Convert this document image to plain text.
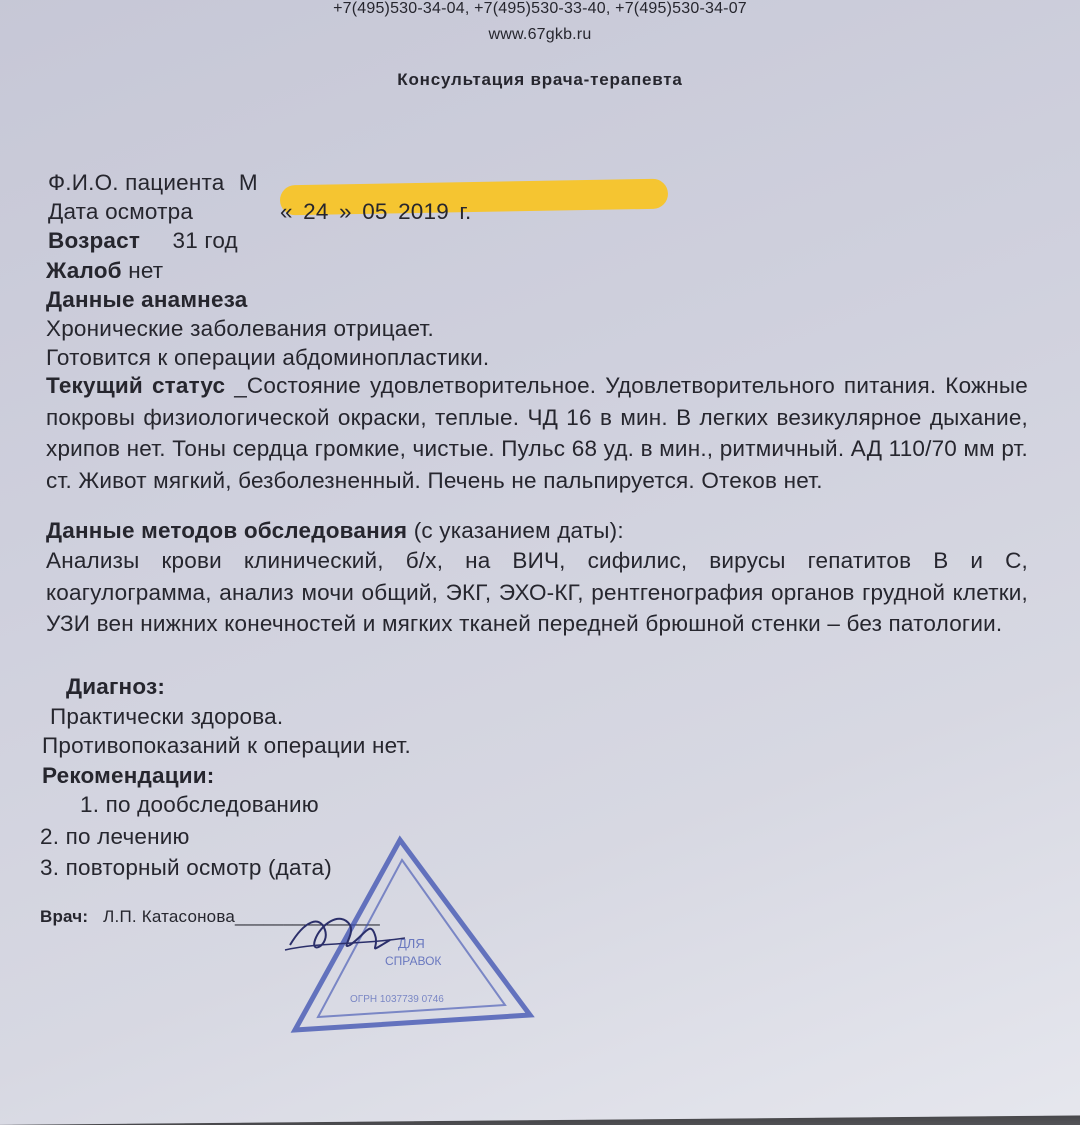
+7(495)530-34-04, +7(495)530-33-40, +7(495)530-34-07
www.67gkb.ru
Консультация врача-терапевта
Ф.И.О. пациента М
Дата осмотра	« 24 » 05 2019 г.
Возраст 31 год
Жалоб нет
Данные анамнеза
Хронические заболевания отрицает.
Готовится к операции абдоминопластики.
Текущий статус _Состояние удовлетворительное. Удовлетворительного питания. Кожные покровы физиологической окраски, теплые. ЧД 16 в мин. В легких везикулярное дыхание, хрипов нет. Тоны сердца громкие, чистые. Пульс 68 уд. в мин., ритмичный. АД 110/70 мм рт. ст. Живот мягкий, безболезненный. Печень не пальпируется. Отеков нет.
Данные методов обследования (с указанием даты):
Анализы крови клинический, б/х, на ВИЧ, сифилис, вирусы гепатитов В и С, коагулограмма, анализ мочи общий, ЭКГ, ЭХО-КГ, рентгенография органов грудной клетки, УЗИ вен нижних конечностей и мягких тканей передней брюшной стенки – без патологии.
Диагноз:
Практически здорова.
Противопоказаний к операции нет.
Рекомендации:
1. по дообследованию
2. по лечению
3. повторный осмотр (дата)
Врач: Л.П. Катасонова_______________
ДЛЯ
СПРАВОК
ОГРН 1037739 0746
